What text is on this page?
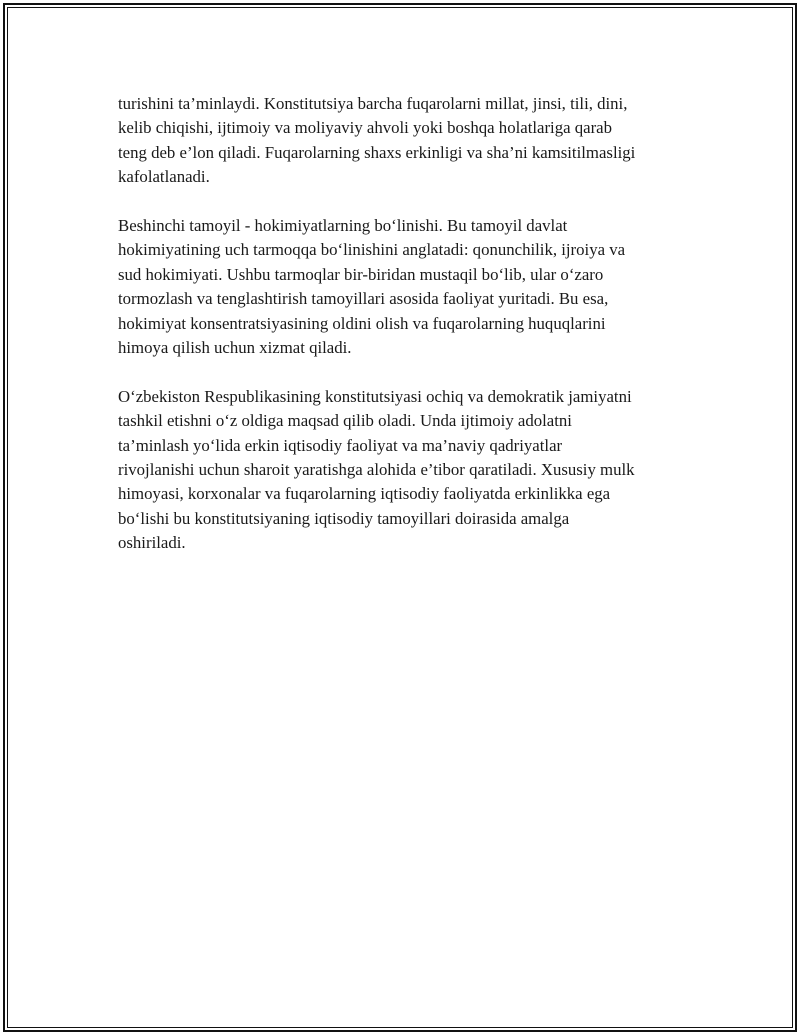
turishini ta’minlaydi. Konstitutsiya barcha fuqarolarni millat, jinsi, tili, dini,
kelib chiqishi, ijtimoiy va moliyaviy ahvoli yoki boshqa holatlariga qarab
teng deb e’lon qiladi. Fuqarolarning shaxs erkinligi va sha’ni kamsitilmasligi
kafolatlanadi.

Beshinchi tamoyil - hokimiyatlarning bo‘linishi. Bu tamoyil davlat
hokimiyatining uch tarmoqqa bo‘linishini anglatadi: qonunchilik, ijroiya va
sud hokimiyati. Ushbu tarmoqlar bir-biridan mustaqil bo‘lib, ular o‘zaro
tormozlash va tenglashtirish tamoyillari asosida faoliyat yuritadi. Bu esa,
hokimiyat konsentratsiyasining oldini olish va fuqarolarning huquqlarini
himoya qilish uchun xizmat qiladi.

O‘zbekiston Respublikasining konstitutsiyasi ochiq va demokratik jamiyatni
tashkil etishni o‘z oldiga maqsad qilib oladi. Unda ijtimoiy adolatni
ta’minlash yo‘lida erkin iqtisodiy faoliyat va ma’naviy qadriyatlar
rivojlanishi uchun sharoit yaratishga alohida e’tibor qaratiladi. Xususiy mulk
himoyasi, korxonalar va fuqarolarning iqtisodiy faoliyatda erkinlikka ega
bo‘lishi bu konstitutsiyaning iqtisodiy tamoyillari doirasida amalga
oshiriladi.
